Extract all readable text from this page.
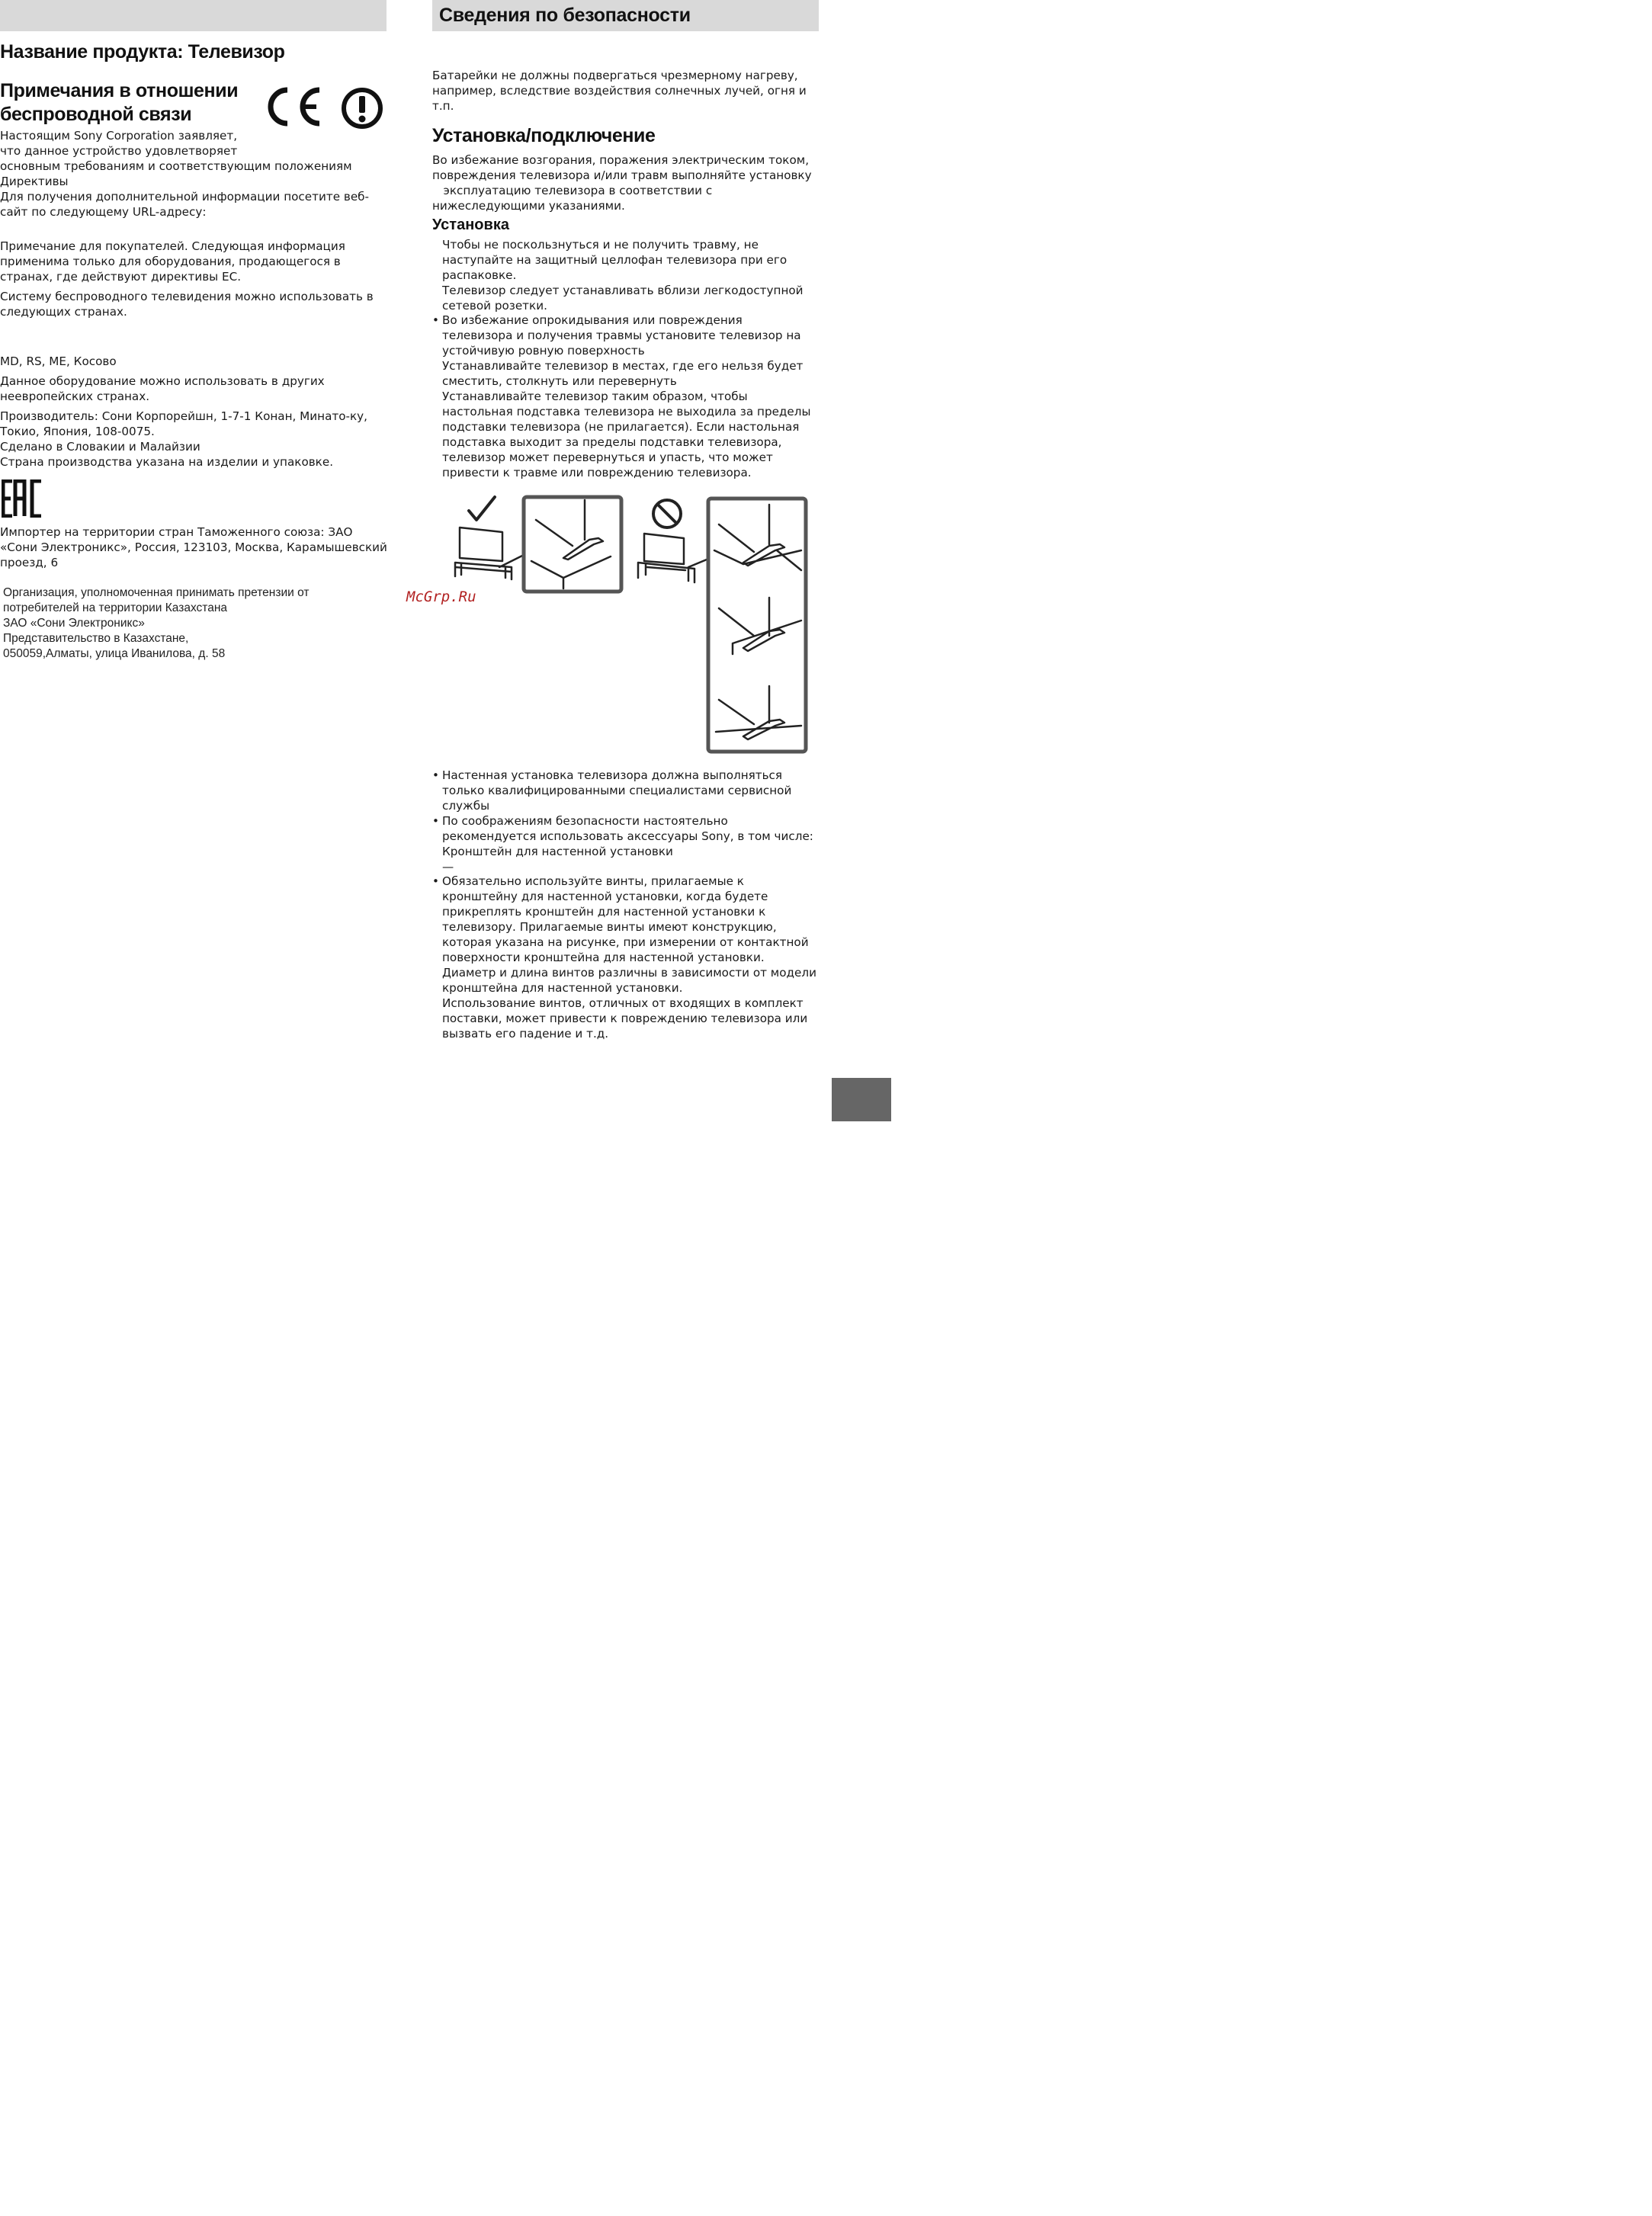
Название продукта: Телевизор
Примечания в отношении
беспроводной связи
Настоящим Sony Corporation заявляет,
что данное устройство удовлетворяет
основным требованиям и соответствующим положениям
Директивы
Для получения дополнительной информации посетите веб-
сайт по следующему URL-адресу:
Примечание для покупателей. Следующая информация
применима только для оборудования, продающегося в
странах, где действуют директивы ЕС.
Систему беспроводного телевидения можно использовать в
следующих странах.
MD, RS, ME, Косово
Данное оборудование можно использовать в других
неевропейских странах.
Производитель: Сони Корпорейшн, 1-7-1 Конан, Минато-ку,
Токио, Япония, 108-0075.
Сделано в Словакии и Малайзии
Страна производства указана на изделии и упаковке.
Импортер на территории стран Таможенного союза: ЗАО
«Сони Электроникс», Россия, 123103, Москва, Карамышевский
проезд, 6
Организация, уполномоченная принимать претензии от
потребителей на территории Казахстана
ЗАО «Сони Электроникс»
Представительство в Казахстане,
050059,Алматы, улица Иванилова, д. 58
Сведения по безопасности
Батарейки не должны подвергаться чрезмерному нагреву,
например, вследствие воздействия солнечных лучей, огня и
т.п.
Установка/подключение
Во избежание возгорания, поражения электрическим током,
повреждения телевизора и/или травм выполняйте установку
эксплуатацию телевизора в соответствии с
нижеследующими указаниями.
Установка
Чтобы не поскользнуться и не получить травму, не
наступайте на защитный целлофан телевизора при его
распаковке.
Телевизор следует устанавливать вблизи легкодоступной
сетевой розетки.
• Во избежание опрокидывания или повреждения
телевизора и получения травмы установите телевизор на
устойчивую ровную поверхность
Устанавливайте телевизор в местах, где его нельзя будет
сместить, столкнуть или перевернуть
Устанавливайте телевизор таким образом, чтобы
настольная подставка телевизора не выходила за пределы
подставки телевизора (не прилагается). Если настольная
подставка выходит за пределы подставки телевизора,
телевизор может перевернуться и упасть, что может
привести к травме или повреждению телевизора.
• Настенная установка телевизора должна выполняться
только квалифицированными специалистами сервисной
службы
• По соображениям безопасности настоятельно
рекомендуется использовать аксессуары Sony, в том числе:
Кронштейн для настенной установки
—
• Обязательно используйте винты, прилагаемые к
кронштейну для настенной установки, когда будете
прикреплять кронштейн для настенной установки к
телевизору. Прилагаемые винты имеют конструкцию,
которая указана на рисунке, при измерении от контактной
поверхности кронштейна для настенной установки.
Диаметр и длина винтов различны в зависимости от модели
кронштейна для настенной установки.
Использование винтов, отличных от входящих в комплект
поставки, может привести к повреждению телевизора или
вызвать его падение и т.д.
McGrp.Ru
